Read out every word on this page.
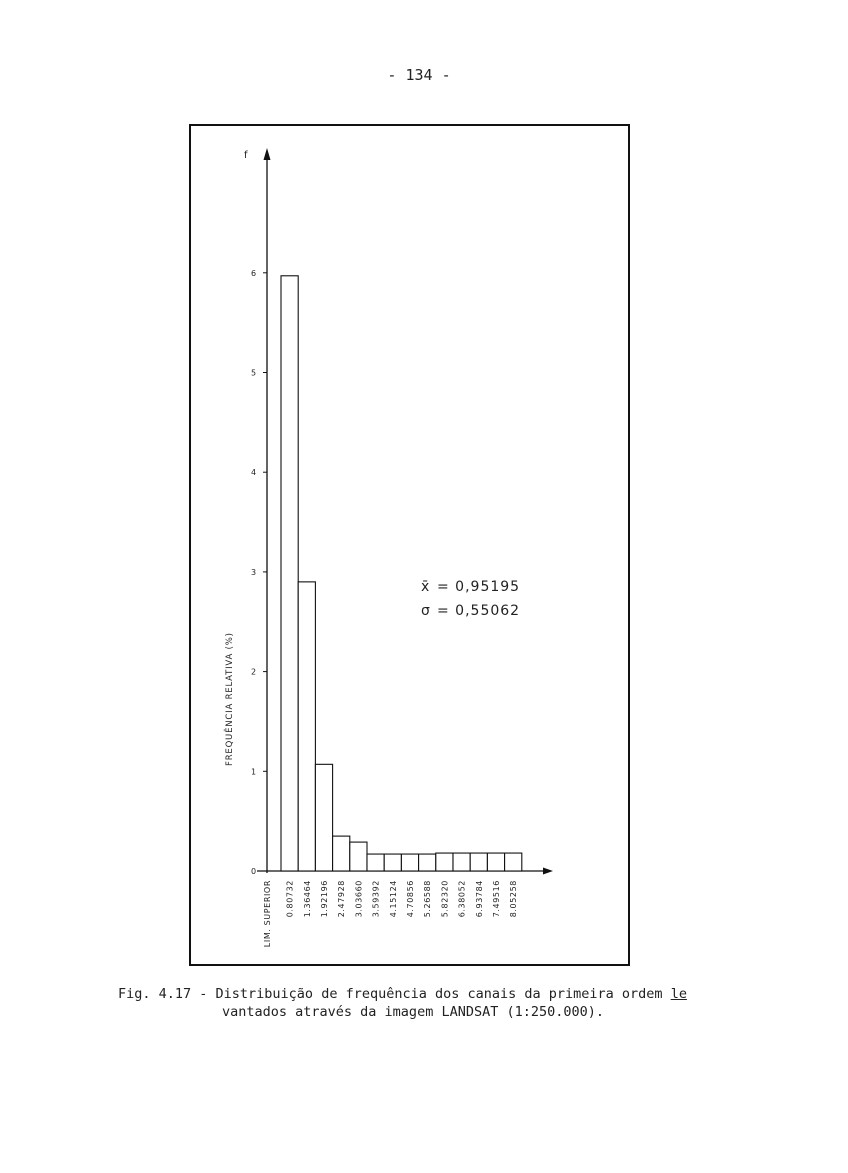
- 134 -
0
1
2
3
4
5
6
LIM. SUPERIOR 0.80732 1.36464 1.92196 2.47928 3.03660 3.59392 4.15124 4.70856 5.26588 5.82320 6.38052 6.93784 7.49516 8.05258
f
FREQUÊNCIA RELATIVA (%)
x̄ = 0,95195
σ = 0,55062
Fig. 4.17 - Distribuição de frequência dos canais da primeira ordem le
vantados através da imagem LANDSAT (1:250.000).
